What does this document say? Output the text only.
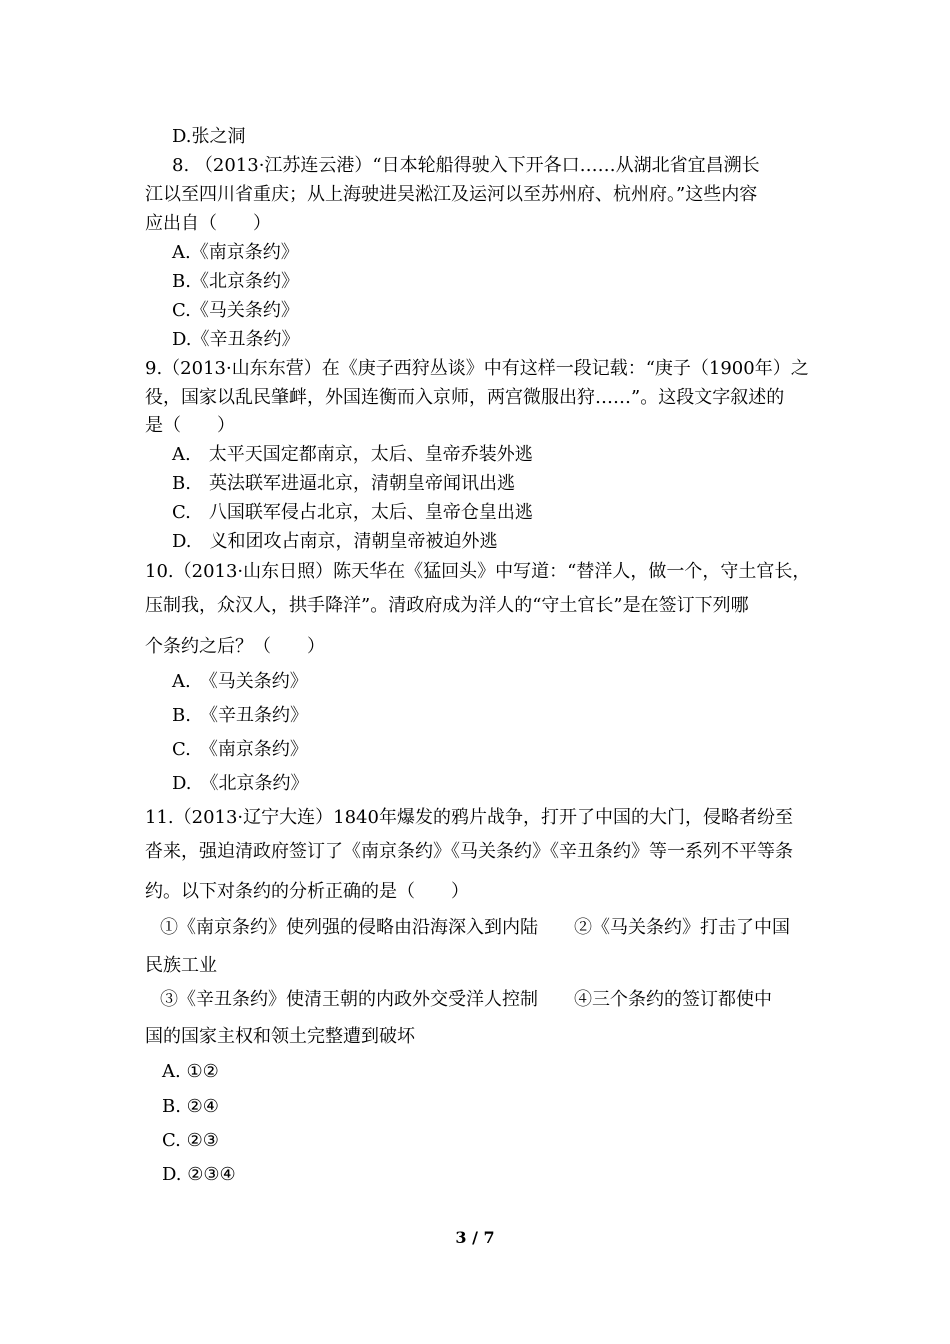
D.张之洞
8. （2013·江苏连云港）“日本轮船得驶入下开各口……从湖北省宜昌溯长
江以至四川省重庆；从上海驶进吴淞江及运河以至苏州府、杭州府。”这些内容
应出自（　　）
A.《南京条约》
B.《北京条约》
C.《马关条约》
D.《辛丑条约》
9.（2013·山东东营）在《庚子西狩丛谈》中有这样一段记载：“庚子（1900年）之
役，国家以乱民肇衅，外国连衡而入京师，两宫微服出狩……”。这段文字叙述的
是（　　）
A.　太平天国定都南京，太后、皇帝乔装外逃
B.　英法联军进逼北京，清朝皇帝闻讯出逃
C.　八国联军侵占北京，太后、皇帝仓皇出逃
D.　义和团攻占南京，清朝皇帝被迫外逃
10.（2013·山东日照）陈天华在《猛回头》中写道：“替洋人，做一个，守土官长，
压制我，众汉人，拱手降洋”。清政府成为洋人的“守土官长”是在签订下列哪
个条约之后？（　　）
A.　《马关条约》
B.　《辛丑条约》
C.　《南京条约》
D.　《北京条约》
11.（2013·辽宁大连）1840年爆发的鸦片战争，打开了中国的大门，侵略者纷至
沓来，强迫清政府签订了《南京条约》《马关条约》《辛丑条约》等一系列不平等条
约。以下对条约的分析正确的是（　　）
①《南京条约》使列强的侵略由沿海深入到内陆　　②《马关条约》打击了中国
民族工业
③《辛丑条约》使清王朝的内政外交受洋人控制　　④三个条约的签订都使中
国的国家主权和领土完整遭到破坏
A. ①②
B. ②④
C. ②③
D. ②③④
3 / 7
